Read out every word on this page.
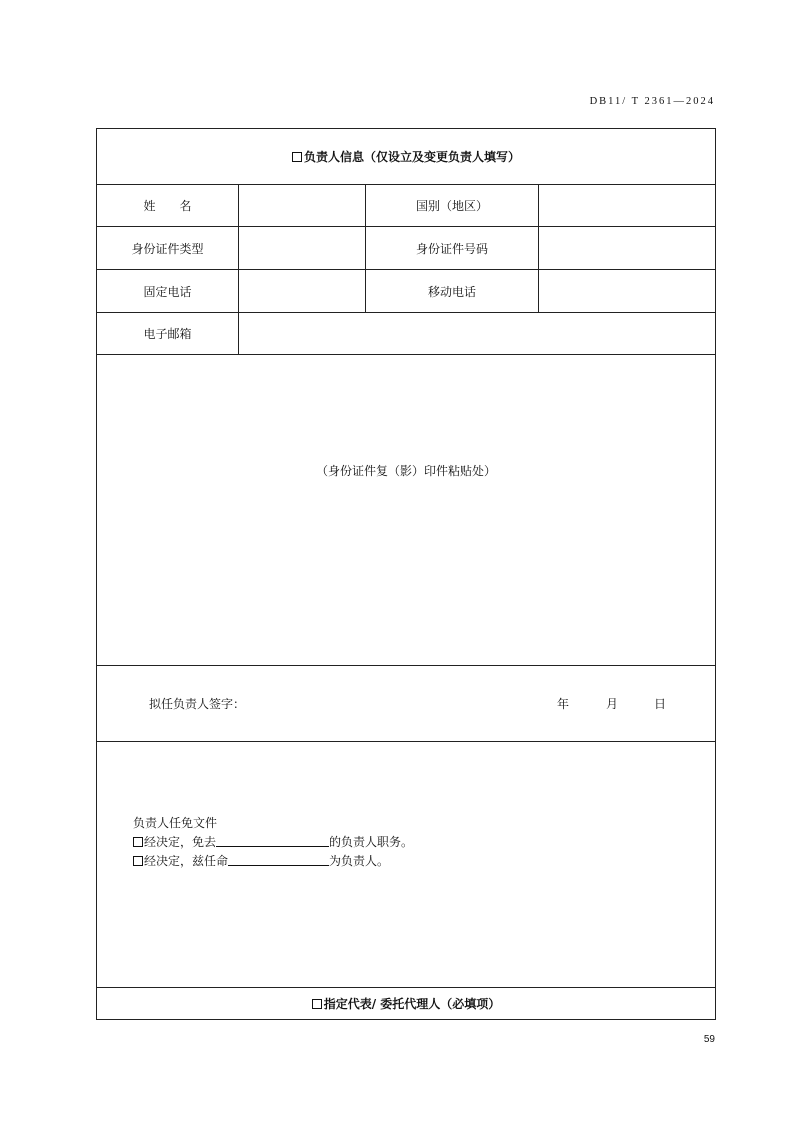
DB11/ T 2361—2024
负责人信息（仅设立及变更负责人填写）
姓　　名	国别（地区）
身份证件类型	身份证件号码
固定电话	移动电话
电子邮箱
（身份证件复（影）印件粘贴处）
拟任负责人签字：	年	月	日
负责人任免文件
经决定，免去	的负责人职务。
经决定，兹任命	为负责人。
指定代表/ 委托代理人（必填项）
59
